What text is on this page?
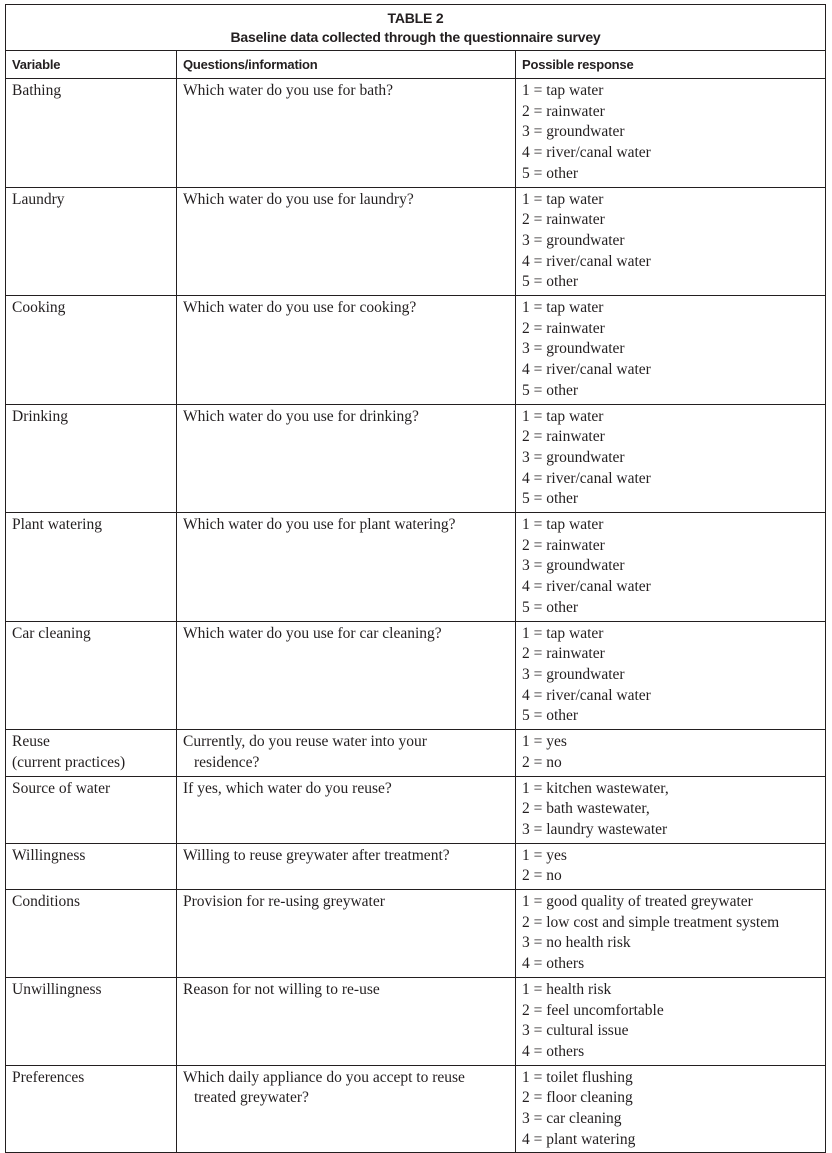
TABLE 2
Baseline data collected through the questionnaire survey		

Variable	Questions/information	Possible response

Bathing	Which water do you use for bath?	1 = tap water
2 = rainwater
3 = groundwater
4 = river/canal water
5 = other

Laundry	Which water do you use for laundry?	1 = tap water
2 = rainwater
3 = groundwater
4 = river/canal water
5 = other

Cooking	Which water do you use for cooking?	1 = tap water
2 = rainwater
3 = groundwater
4 = river/canal water
5 = other

Drinking	Which water do you use for drinking?	1 = tap water
2 = rainwater
3 = groundwater
4 = river/canal water
5 = other

Plant watering	Which water do you use for plant watering?	1 = tap water
2 = rainwater
3 = groundwater
4 = river/canal water
5 = other

Car cleaning	Which water do you use for car cleaning?	1 = tap water
2 = rainwater
3 = groundwater
4 = river/canal water
5 = other

Reuse
(current practices)	Currently, do you reuse water into your
residence?	1 = yes
2 = no

Source of water	If yes, which water do you reuse?	1 = kitchen wastewater,
2 = bath wastewater,
3 = laundry wastewater

Willingness	Willing to reuse greywater after treatment?	1 = yes
2 = no

Conditions	Provision for re-using greywater	1 = good quality of treated greywater
2 = low cost and simple treatment system
3 = no health risk
4 = others

Unwillingness	Reason for not willing to re-use	1 = health risk
2 = feel uncomfortable
3 = cultural issue
4 = others

Preferences	Which daily appliance do you accept to reuse
treated greywater?	1 = toilet flushing
2 = floor cleaning
3 = car cleaning
4 = plant watering
